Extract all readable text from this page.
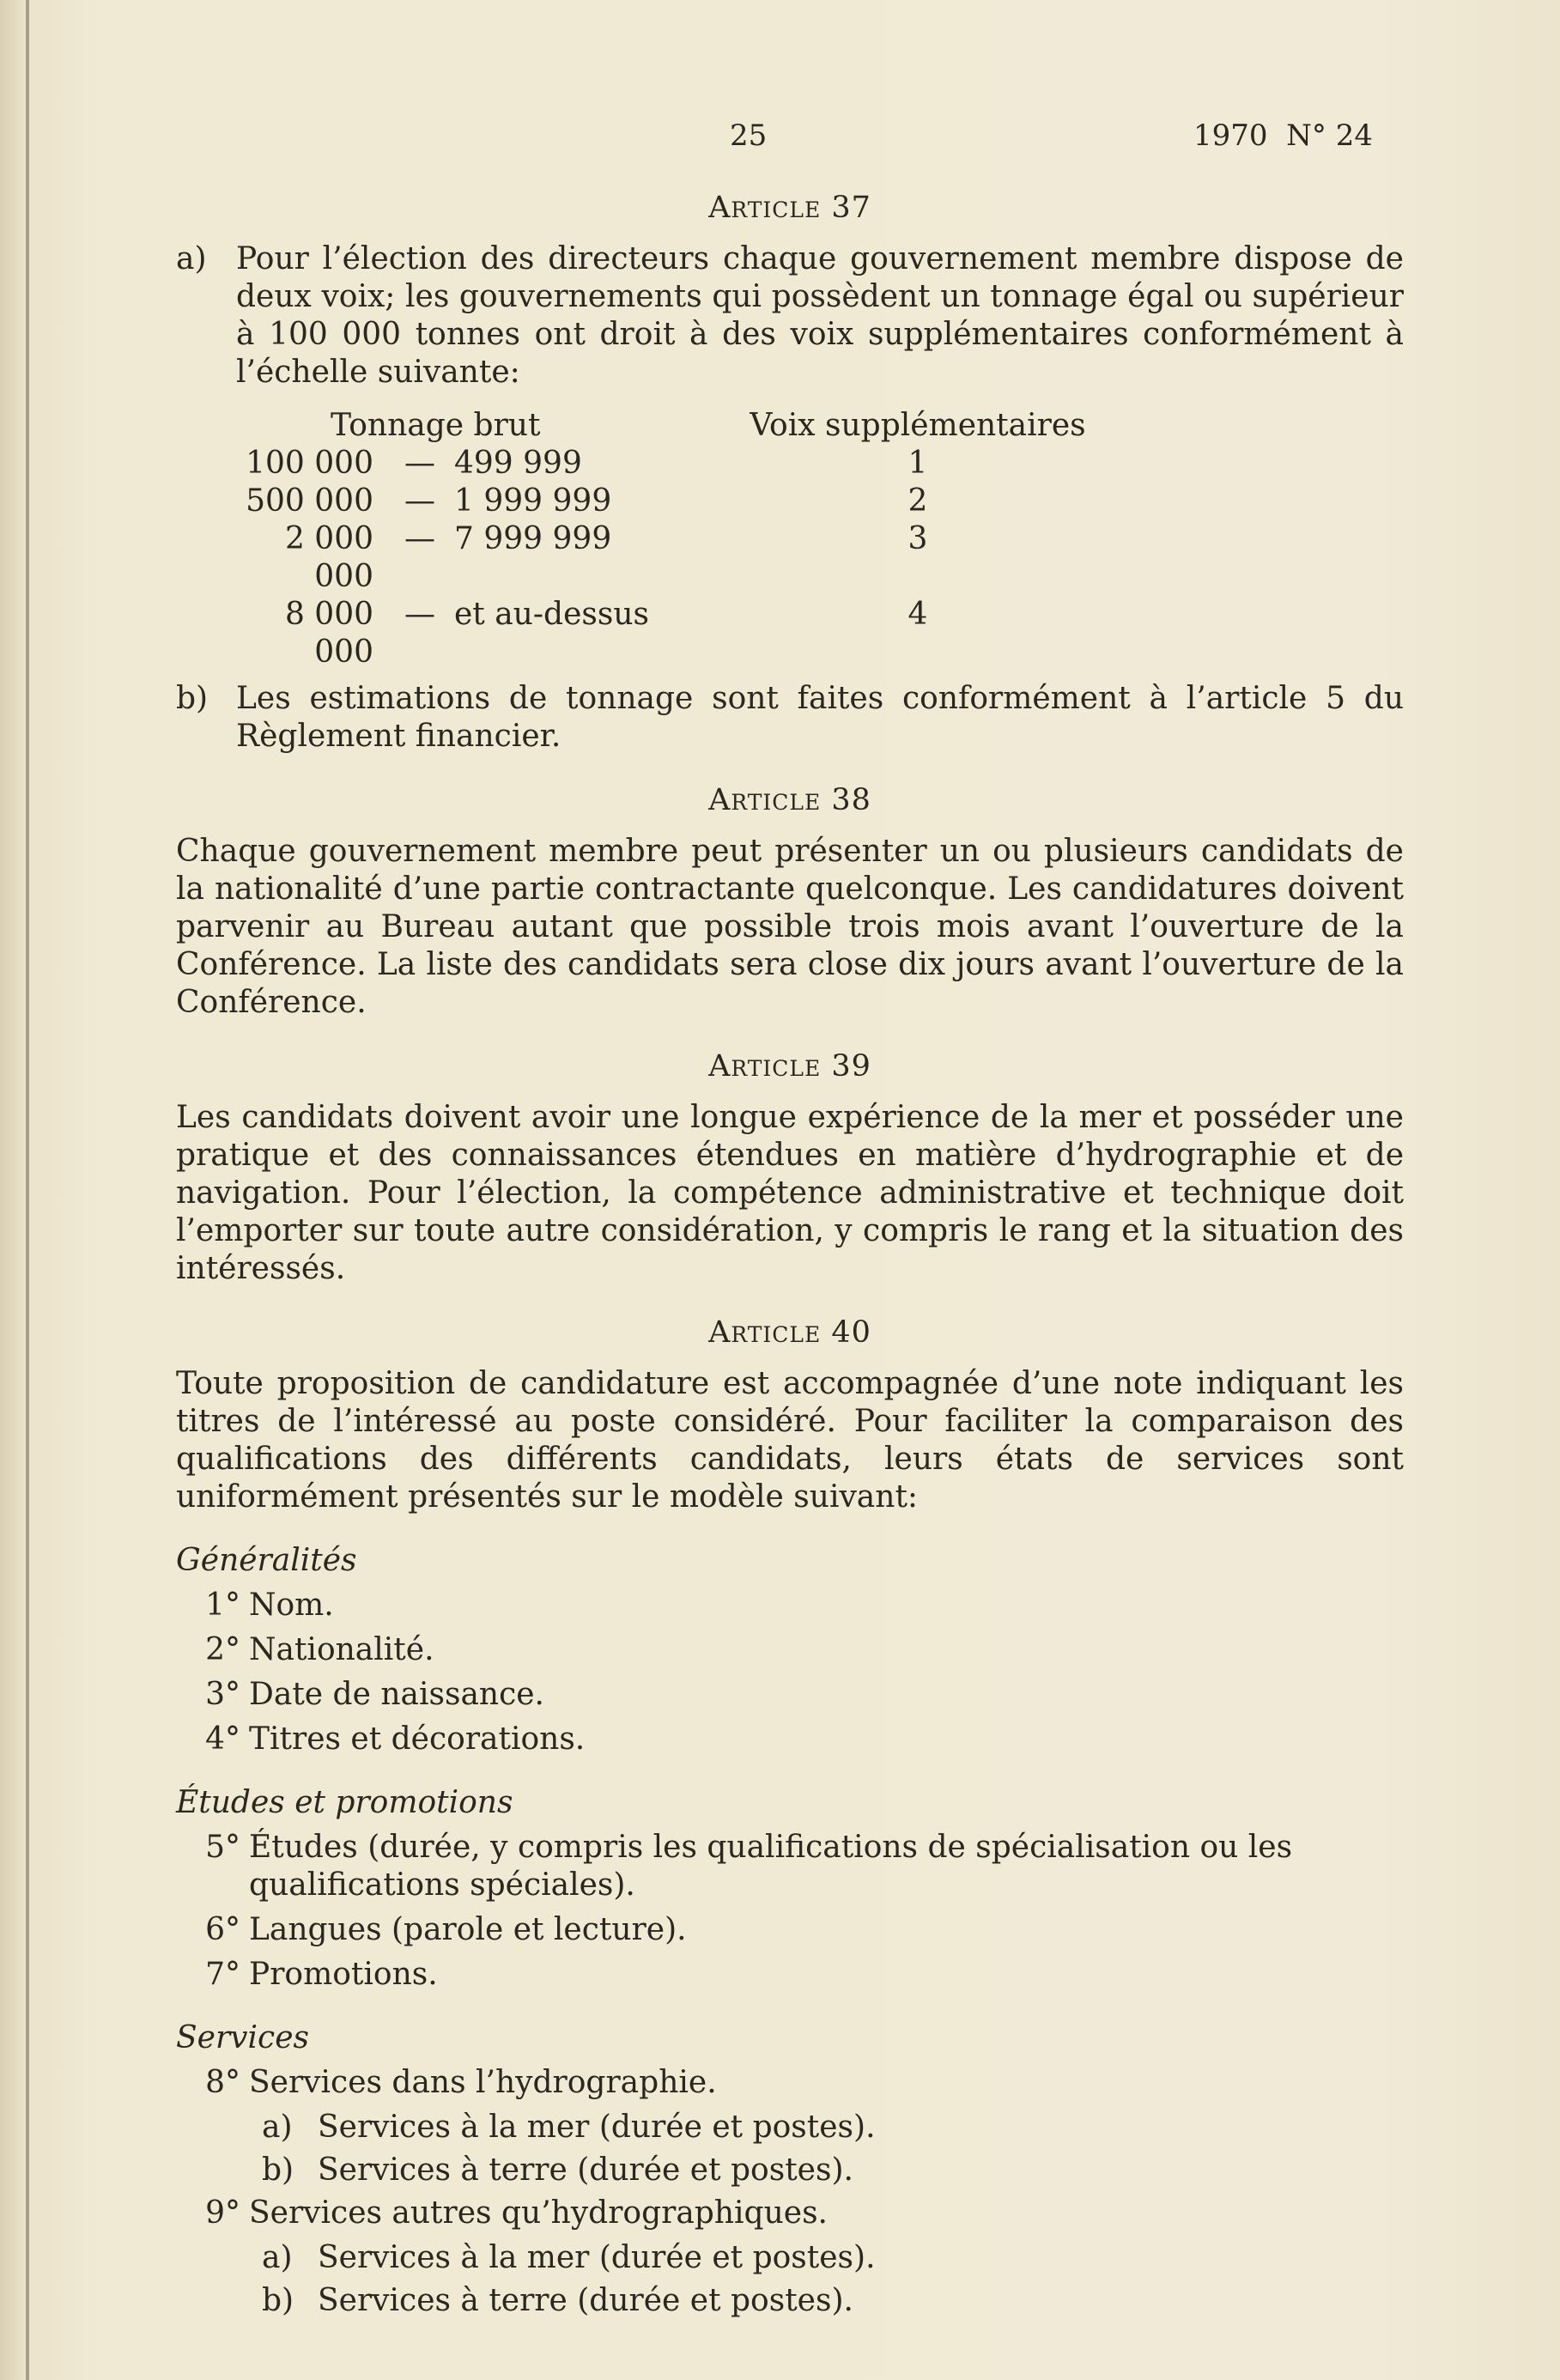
25	1970  N° 24

Article 37

a) Pour l’élection des directeurs chaque gouvernement membre dispose de deux voix; les gouvernements qui possèdent un tonnage égal ou supérieur à 100 000 tonnes ont droit à des voix supplémentaires conformément à l’échelle suivante:
Tonnage brut			Voix supplémentaires
100 000	—	499 999	1
500 000	—	1 999 999	2
2 000 000	—	7 999 999	3
8 000 000	—	et au-dessus	4
b) Les estimations de tonnage sont faites conformément à l’article 5 du Règlement financier.

Article 38

Chaque gouvernement membre peut présenter un ou plusieurs candidats de la nationalité d’une partie contractante quelconque. Les candidatures doivent parvenir au Bureau autant que possible trois mois avant l’ouverture de la Conférence. La liste des candidats sera close dix jours avant l’ouverture de la Conférence.

Article 39

Les candidats doivent avoir une longue expérience de la mer et posséder une pratique et des connaissances étendues en matière d’hydrographie et de navigation. Pour l’élection, la compétence administrative et technique doit l’emporter sur toute autre considération, y compris le rang et la situation des intéressés.

Article 40

Toute proposition de candidature est accompagnée d’une note indiquant les titres de l’intéressé au poste considéré. Pour faciliter la comparaison des qualifications des différents candidats, leurs états de services sont uniformément présentés sur le modèle suivant:

Généralités

1° Nom.
2° Nationalité.
3° Date de naissance.
4° Titres et décorations.

Études et promotions

5° Études (durée, y compris les qualifications de spécialisation ou les qualifications spéciales).
6° Langues (parole et lecture).
7° Promotions.

Services

8° Services dans l’hydrographie.
a) Services à la mer (durée et postes).
b) Services à terre (durée et postes).
9° Services autres qu’hydrographiques.
a) Services à la mer (durée et postes).
b) Services à terre (durée et postes).
